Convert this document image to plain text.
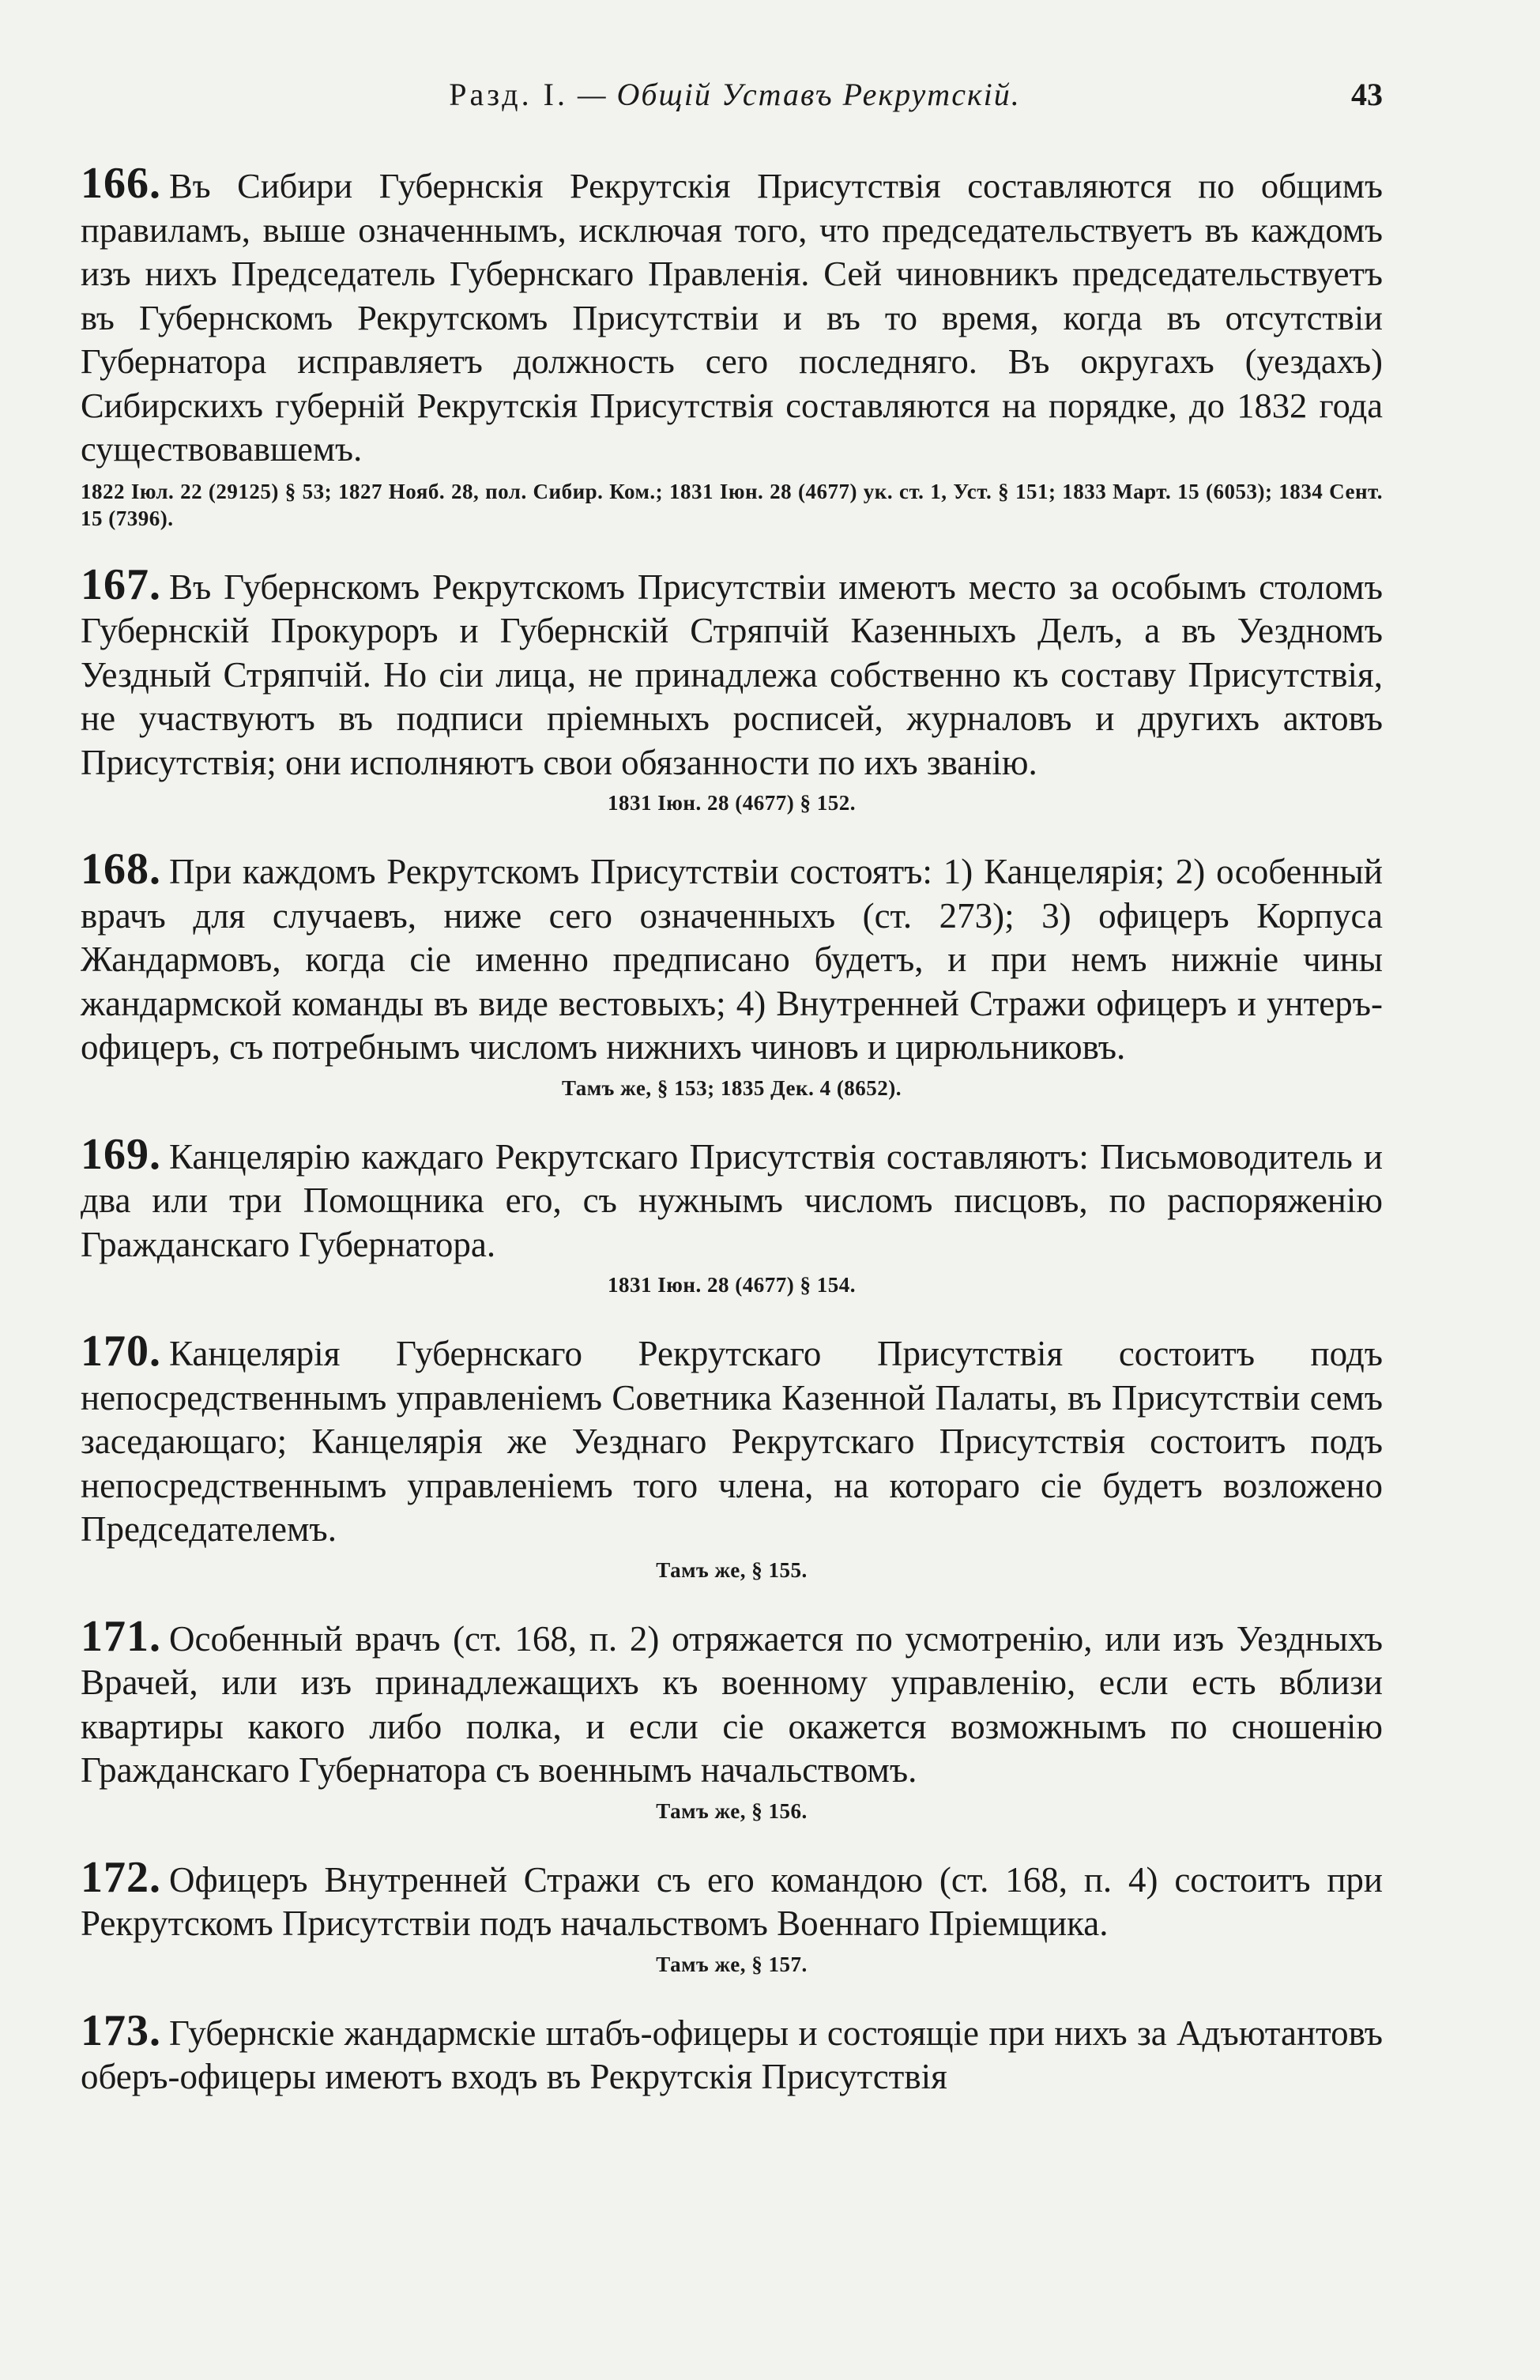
Разд. I. — Общій Уставъ Рекрутскій.	43

166. Въ Сибири Губернскія Рекрутскія Присутствія составляются по общимъ правиламъ, выше означеннымъ, исключая того, что председательствуетъ въ каждомъ изъ нихъ Председатель Губернскаго Правленія. Сей чиновникъ председательствуетъ въ Губернскомъ Рекрутскомъ Присутствіи и въ то время, когда въ отсутствіи Губернатора исправляетъ должность сего последняго. Въ округахъ (уездахъ) Сибирскихъ губерній Рекрутскія Присутствія составляются на порядке, до 1832 года существовавшемъ.

1822 Іюл. 22 (29125) § 53; 1827 Нояб. 28, пол. Сибир. Ком.; 1831 Іюн. 28 (4677) ук. ст. 1, Уст. § 151; 1833 Март. 15 (6053); 1834 Сент. 15 (7396).

167. Въ Губернскомъ Рекрутскомъ Присутствіи имеютъ место за особымъ столомъ Губернскій Прокуроръ и Губернскій Стряпчій Казенныхъ Делъ, а въ Уездномъ Уездный Стряпчій. Но сіи лица, не принадлежа собственно къ составу Присутствія, не участвуютъ въ подписи пріемныхъ росписей, журналовъ и другихъ актовъ Присутствія; они исполняютъ свои обязанности по ихъ званію.

1831 Іюн. 28 (4677) § 152.

168. При каждомъ Рекрутскомъ Присутствіи состоятъ: 1) Канцелярія; 2) особенный врачъ для случаевъ, ниже сего означенныхъ (ст. 273); 3) офицеръ Корпуса Жандармовъ, когда сіе именно предписано будетъ, и при немъ нижніе чины жандармской команды въ виде вестовыхъ; 4) Внутренней Стражи офицеръ и унтеръ-офицеръ, съ потребнымъ числомъ нижнихъ чиновъ и цирюльниковъ.

Тамъ же, § 153; 1835 Дек. 4 (8652).

169. Канцелярію каждаго Рекрутскаго Присутствія составляютъ: Письмоводитель и два или три Помощника его, съ нужнымъ числомъ писцовъ, по распоряженію Гражданскаго Губернатора.

1831 Іюн. 28 (4677) § 154.

170. Канцелярія Губернскаго Рекрутскаго Присутствія состоитъ подъ непосредственнымъ управленіемъ Советника Казенной Палаты, въ Присутствіи семъ заседающаго; Канцелярія же Уезднаго Рекрутскаго Присутствія состоитъ подъ непосредственнымъ управленіемъ того члена, на котораго сіе будетъ возложено Председателемъ.

Тамъ же, § 155.

171. Особенный врачъ (ст. 168, п. 2) отряжается по усмотренію, или изъ Уездныхъ Врачей, или изъ принадлежащихъ къ военному управленію, если есть вблизи квартиры какого либо полка, и если сіе окажется возможнымъ по сношенію Гражданскаго Губернатора съ военнымъ начальствомъ.

Тамъ же, § 156.

172. Офицеръ Внутренней Стражи съ его командою (ст. 168, п. 4) состоитъ при Рекрутскомъ Присутствіи подъ начальствомъ Военнаго Пріемщика.

Тамъ же, § 157.

173. Губернскіе жандармскіе штабъ-офицеры и состоящіе при нихъ за Адъютантовъ оберъ-офицеры имеютъ входъ въ Рекрутскія Присутствія
